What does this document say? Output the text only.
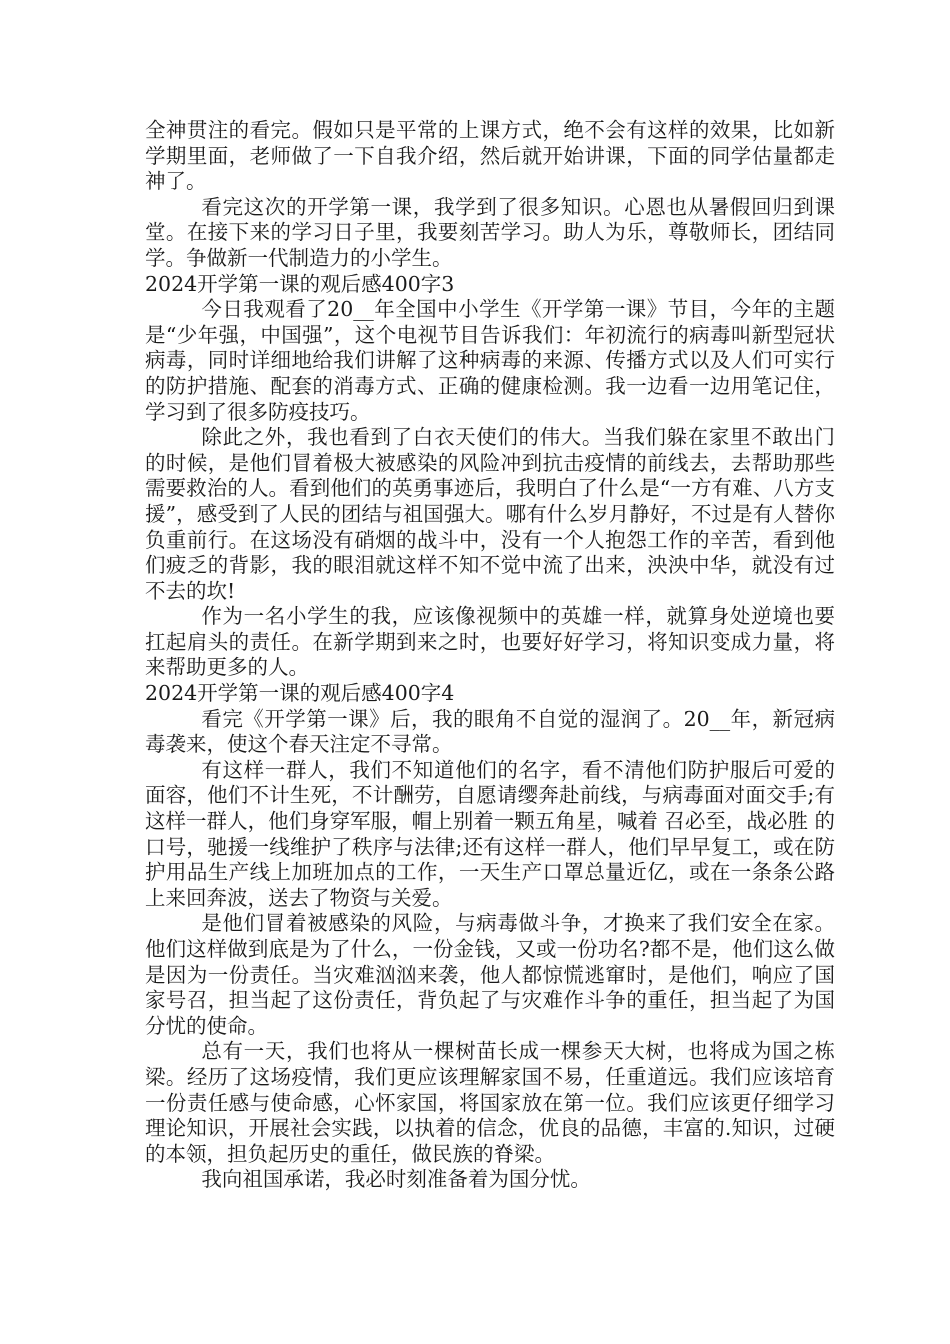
全神贯注的看完。假如只是平常的上课方式，绝不会有这样的效果，比如新学期里面，老师做了一下自我介绍，然后就开始讲课，下面的同学估量都走神了。

看完这次的开学第一课，我学到了很多知识。心恩也从暑假回归到课堂。在接下来的学习日子里，我要刻苦学习。助人为乐，尊敬师长，团结同学。争做新一代制造力的小学生。

2024开学第一课的观后感400字3

今日我观看了20__年全国中小学生《开学第一课》节目，今年的主题是“少年强，中国强”，这个电视节目告诉我们：年初流行的病毒叫新型冠状病毒，同时详细地给我们讲解了这种病毒的来源、传播方式以及人们可实行的防护措施、配套的消毒方式、正确的健康检测。我一边看一边用笔记住，学习到了很多防疫技巧。

除此之外，我也看到了白衣天使们的伟大。当我们躲在家里不敢出门的时候，是他们冒着极大被感染的风险冲到抗击疫情的前线去，去帮助那些需要救治的人。看到他们的英勇事迹后，我明白了什么是“一方有难、八方支援”，感受到了人民的团结与祖国强大。哪有什么岁月静好，不过是有人替你负重前行。在这场没有硝烟的战斗中，没有一个人抱怨工作的辛苦，看到他们疲乏的背影，我的眼泪就这样不知不觉中流了出来，泱泱中华，就没有过不去的坎!

作为一名小学生的我，应该像视频中的英雄一样，就算身处逆境也要扛起肩头的责任。在新学期到来之时，也要好好学习，将知识变成力量，将来帮助更多的人。

2024开学第一课的观后感400字4

看完《开学第一课》后，我的眼角不自觉的湿润了。20__年，新冠病毒袭来，使这个春天注定不寻常。

有这样一群人，我们不知道他们的名字，看不清他们防护服后可爱的面容，他们不计生死，不计酬劳，自愿请缨奔赴前线，与病毒面对面交手;有这样一群人，他们身穿军服，帽上别着一颗五角星，喊着 召必至，战必胜 的口号，驰援一线维护了秩序与法律;还有这样一群人，他们早早复工，或在防护用品生产线上加班加点的工作，一天生产口罩总量近亿，或在一条条公路上来回奔波，送去了物资与关爱。

是他们冒着被感染的风险，与病毒做斗争，才换来了我们安全在家。他们这样做到底是为了什么，一份金钱，又或一份功名?都不是，他们这么做是因为一份责任。当灾难汹汹来袭，他人都惊慌逃窜时，是他们，响应了国家号召，担当起了这份责任，背负起了与灾难作斗争的重任，担当起了为国分忧的使命。

总有一天，我们也将从一棵树苗长成一棵参天大树，也将成为国之栋梁。经历了这场疫情，我们更应该理解家国不易，任重道远。我们应该培育一份责任感与使命感，心怀家国，将国家放在第一位。我们应该更仔细学习理论知识，开展社会实践，以执着的信念，优良的品德，丰富的.知识，过硬的本领，担负起历史的重任，做民族的脊梁。

我向祖国承诺，我必时刻准备着为国分忧。
